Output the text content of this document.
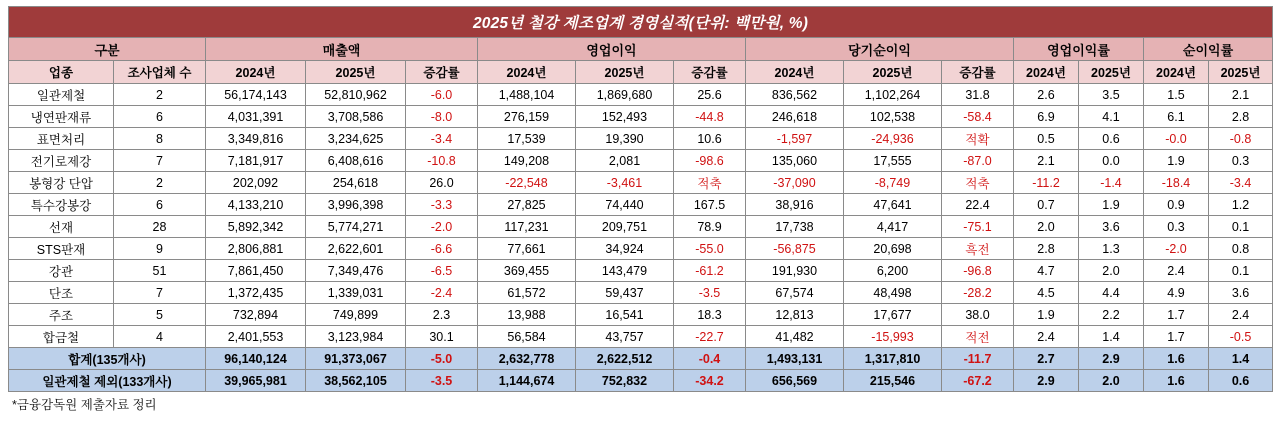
2025년 철강 제조업계 경영실적(단위: 백만원, %)														
구분		매출액			영업이익			당기순이익			영업이익률		순이익률	
업종	조사업체 수	2024년	2025년	증감률	2024년	2025년	증감률	2024년	2025년	증감률	2024년	2025년	2024년	2025년
일관제철	2	56,174,143	52,810,962	-6.0	1,488,104	1,869,680	25.6	836,562	1,102,264	31.8	2.6	3.5	1.5	2.1
냉연판재류	6	4,031,391	3,708,586	-8.0	276,159	152,493	-44.8	246,618	102,538	-58.4	6.9	4.1	6.1	2.8
표면처리	8	3,349,816	3,234,625	-3.4	17,539	19,390	10.6	-1,597	-24,936	적확	0.5	0.6	-0.0	-0.8
전기로제강	7	7,181,917	6,408,616	-10.8	149,208	2,081	-98.6	135,060	17,555	-87.0	2.1	0.0	1.9	0.3
봉형강 단압	2	202,092	254,618	26.0	-22,548	-3,461	적축	-37,090	-8,749	적축	-11.2	-1.4	-18.4	-3.4
특수강봉강	6	4,133,210	3,996,398	-3.3	27,825	74,440	167.5	38,916	47,641	22.4	0.7	1.9	0.9	1.2
선재	28	5,892,342	5,774,271	-2.0	117,231	209,751	78.9	17,738	4,417	-75.1	2.0	3.6	0.3	0.1
STS판재	9	2,806,881	2,622,601	-6.6	77,661	34,924	-55.0	-56,875	20,698	흑전	2.8	1.3	-2.0	0.8
강관	51	7,861,450	7,349,476	-6.5	369,455	143,479	-61.2	191,930	6,200	-96.8	4.7	2.0	2.4	0.1
단조	7	1,372,435	1,339,031	-2.4	61,572	59,437	-3.5	67,574	48,498	-28.2	4.5	4.4	4.9	3.6
주조	5	732,894	749,899	2.3	13,988	16,541	18.3	12,813	17,677	38.0	1.9	2.2	1.7	2.4
합금철	4	2,401,553	3,123,984	30.1	56,584	43,757	-22.7	41,482	-15,993	적전	2.4	1.4	1.7	-0.5
합계(135개사)		96,140,124	91,373,067	-5.0	2,632,778	2,622,512	-0.4	1,493,131	1,317,810	-11.7	2.7	2.9	1.6	1.4
일관제철 제외(133개사)		39,965,981	38,562,105	-3.5	1,144,674	752,832	-34.2	656,569	215,546	-67.2	2.9	2.0	1.6	0.6
*금융감독원 제출자료 정리
